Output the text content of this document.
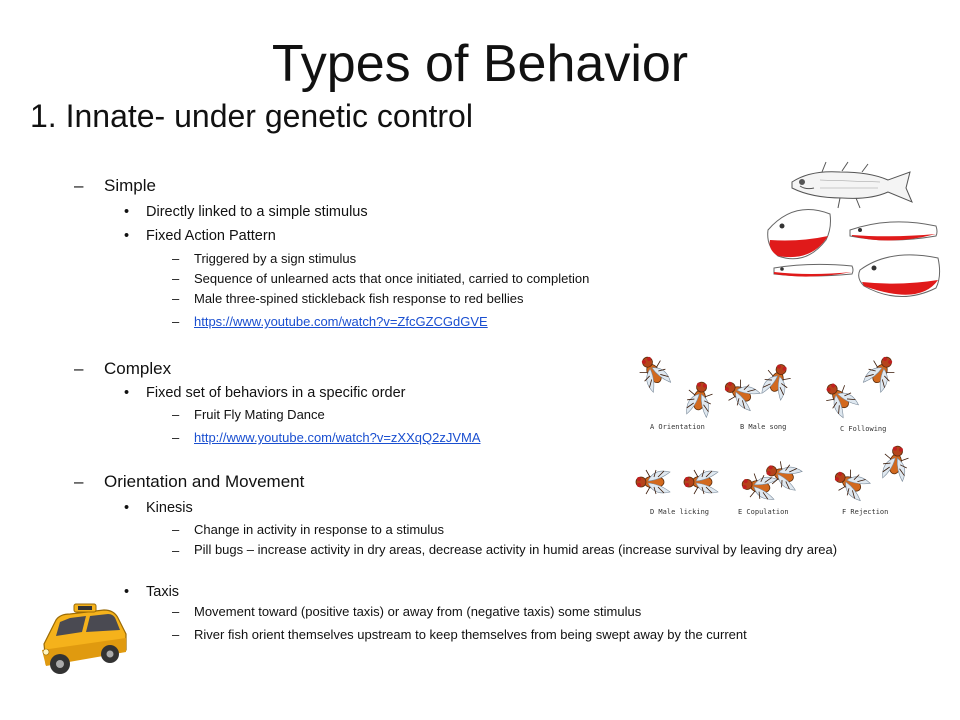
Types of Behavior
1. Innate- under genetic control
– Simple
• Directly linked to a simple stimulus
• Fixed Action Pattern
– Triggered by a sign stimulus
– Sequence of unlearned acts that once initiated, carried to completion
– Male three-spined stickleback fish response to red bellies
– https://www.youtube.com/watch?v=ZfcGZCGdGVE
– Complex
• Fixed set of behaviors in a specific order
– Fruit Fly Mating Dance
– http://www.youtube.com/watch?v=zXXqQ2zJVMA
– Orientation and Movement
• Kinesis
– Change in activity in response to a stimulus
– Pill bugs – increase activity in dry areas, decrease activity in humid areas (increase survival by leaving dry area)
• Taxis
– Movement toward (positive taxis) or away from (negative taxis) some stimulus
– River fish orient themselves upstream to keep themselves from being swept away by the current
A Orientation	B Male song	C Following
D Male licking	E Copulation	F Rejection
